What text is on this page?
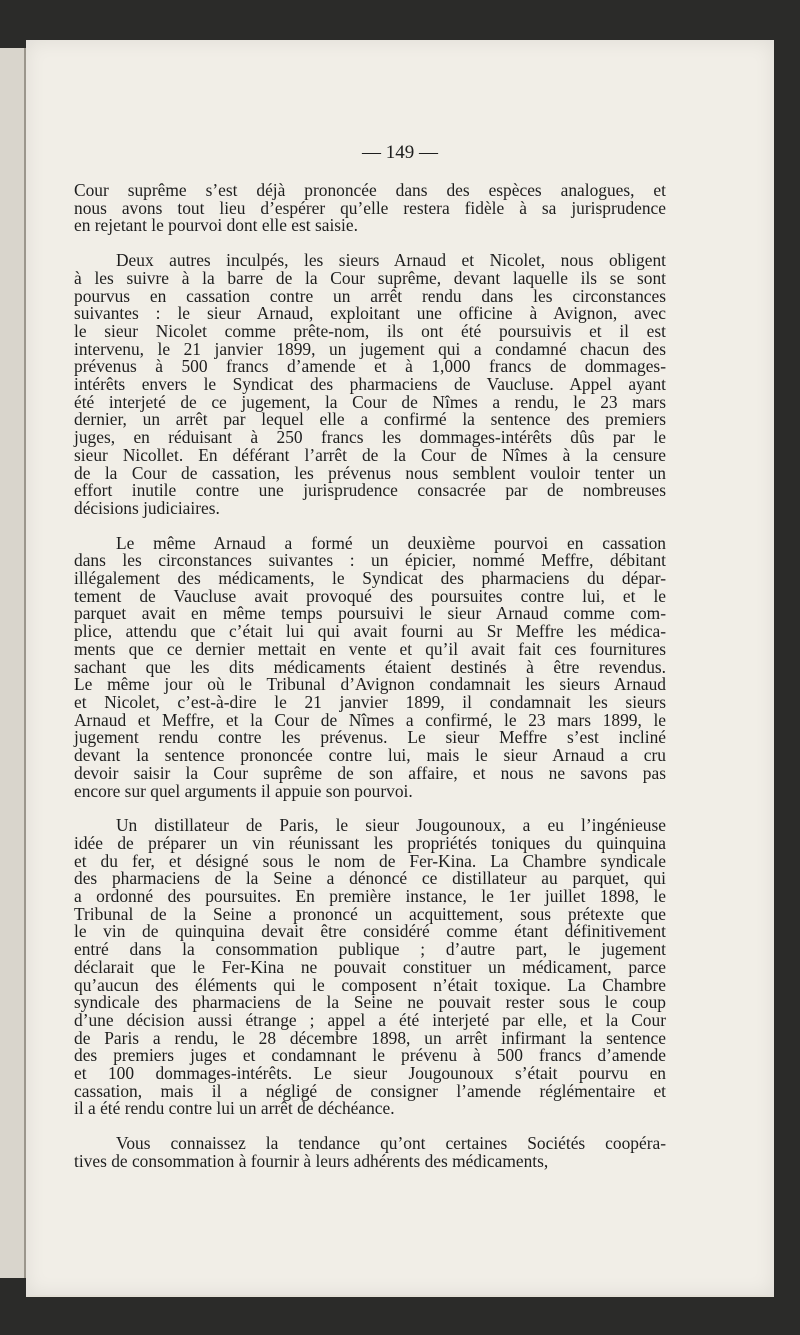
— 149 —
Cour suprême s’est déjà prononcée dans des espèces analogues, et
nous avons tout lieu d’espérer qu’elle restera fidèle à sa jurisprudence
en rejetant le pourvoi dont elle est saisie.
Deux autres inculpés, les sieurs Arnaud et Nicolet, nous obligent
à les suivre à la barre de la Cour suprême, devant laquelle ils se sont
pourvus en cassation contre un arrêt rendu dans les circonstances
suivantes : le sieur Arnaud, exploitant une officine à Avignon, avec
le sieur Nicolet comme prête-nom, ils ont été poursuivis et il est
intervenu, le 21 janvier 1899, un jugement qui a condamné chacun des
prévenus à 500 francs d’amende et à 1,000 francs de dommages-
intérêts envers le Syndicat des pharmaciens de Vaucluse. Appel ayant
été interjeté de ce jugement, la Cour de Nîmes a rendu, le 23 mars
dernier, un arrêt par lequel elle a confirmé la sentence des premiers
juges, en réduisant à 250 francs les dommages-intérêts dûs par le
sieur Nicollet. En déférant l’arrêt de la Cour de Nîmes à la censure
de la Cour de cassation, les prévenus nous semblent vouloir tenter un
effort inutile contre une jurisprudence consacrée par de nombreuses
décisions judiciaires.
Le même Arnaud a formé un deuxième pourvoi en cassation
dans les circonstances suivantes : un épicier, nommé Meffre, débitant
illégalement des médicaments, le Syndicat des pharmaciens du dépar-
tement de Vaucluse avait provoqué des poursuites contre lui, et le
parquet avait en même temps poursuivi le sieur Arnaud comme com-
plice, attendu que c’était lui qui avait fourni au Sr Meffre les médica-
ments que ce dernier mettait en vente et qu’il avait fait ces fournitures
sachant que les dits médicaments étaient destinés à être revendus.
Le même jour où le Tribunal d’Avignon condamnait les sieurs Arnaud
et Nicolet, c’est-à-dire le 21 janvier 1899, il condamnait les sieurs
Arnaud et Meffre, et la Cour de Nîmes a confirmé, le 23 mars 1899, le
jugement rendu contre les prévenus. Le sieur Meffre s’est incliné
devant la sentence prononcée contre lui, mais le sieur Arnaud a cru
devoir saisir la Cour suprême de son affaire, et nous ne savons pas
encore sur quel arguments il appuie son pourvoi.
Un distillateur de Paris, le sieur Jougounoux, a eu l’ingénieuse
idée de préparer un vin réunissant les propriétés toniques du quinquina
et du fer, et désigné sous le nom de Fer-Kina. La Chambre syndicale
des pharmaciens de la Seine a dénoncé ce distillateur au parquet, qui
a ordonné des poursuites. En première instance, le 1er juillet 1898, le
Tribunal de la Seine a prononcé un acquittement, sous prétexte que
le vin de quinquina devait être considéré comme étant définitivement
entré dans la consommation publique ; d’autre part, le jugement
déclarait que le Fer-Kina ne pouvait constituer un médicament, parce
qu’aucun des éléments qui le composent n’était toxique. La Chambre
syndicale des pharmaciens de la Seine ne pouvait rester sous le coup
d’une décision aussi étrange ; appel a été interjeté par elle, et la Cour
de Paris a rendu, le 28 décembre 1898, un arrêt infirmant la sentence
des premiers juges et condamnant le prévenu à 500 francs d’amende
et 100 dommages-intérêts. Le sieur Jougounoux s’était pourvu en
cassation, mais il a négligé de consigner l’amende réglémentaire et
il a été rendu contre lui un arrêt de déchéance.
Vous connaissez la tendance qu’ont certaines Sociétés coopéra-
tives de consommation à fournir à leurs adhérents des médicaments,
